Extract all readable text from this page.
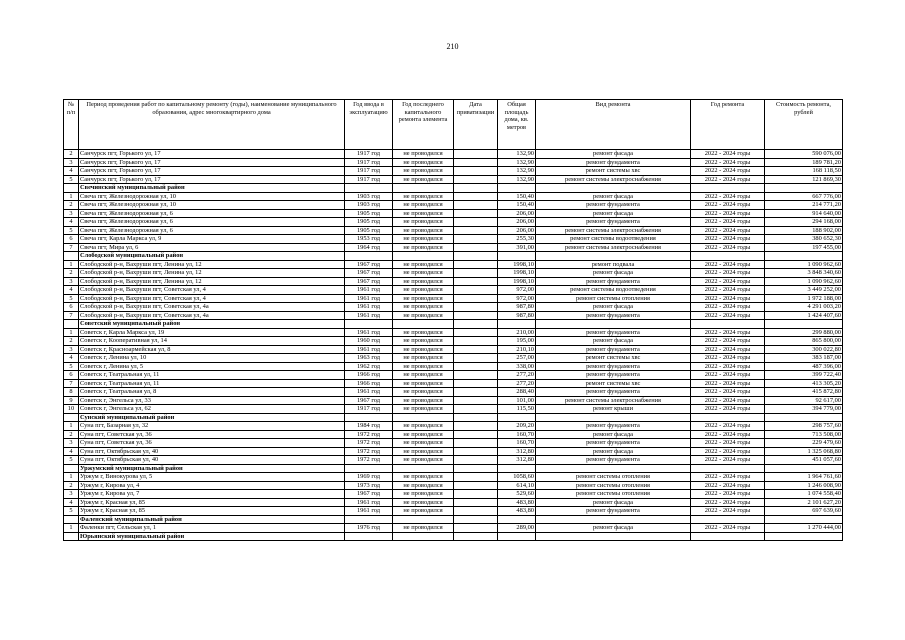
210
№ п/п	Период проведения работ по капитальному ремонту (годы), наименование муниципального образования, адрес многоквартирного дома	Год ввода в эксплуатацию	Год последнего капитального ремонта элемента	Дата приватизации	Общая площадь дома, кв. метров	Вид ремонта	Год ремонта	Стоимость ремонта, рублей
2	Санчурск пгт, Горького ул, 17	1917 год	не проводился		132,90	ремонт фасада	2022 - 2024 годы	590 076,00
3	Санчурск пгт, Горького ул, 17	1917 год	не проводился		132,90	ремонт фундамента	2022 - 2024 годы	189 781,20
4	Санчурск пгт, Горького ул, 17	1917 год	не проводился		132,90	ремонт системы хвс	2022 - 2024 годы	168 118,50
5	Санчурск пгт, Горького ул, 17	1917 год	не проводился		132,90	ремонт системы электроснабжения	2022 - 2024 годы	121 869,30
	Свечинский муниципальный район							
1	Свеча пгт, Железнодорожная ул, 10	1903 год	не проводился		150,40	ремонт фасада	2022 - 2024 годы	667 776,00
2	Свеча пгт, Железнодорожная ул, 10	1903 год	не проводился		150,40	ремонт фундамента	2022 - 2024 годы	214 771,20
3	Свеча пгт, Железнодорожная ул, 6	1905 год	не проводился		206,00	ремонт фасада	2022 - 2024 годы	914 640,00
4	Свеча пгт, Железнодорожная ул, 6	1905 год	не проводился		206,00	ремонт фундамента	2022 - 2024 годы	294 168,00
5	Свеча пгт, Железнодорожная ул, 6	1905 год	не проводился		206,00	ремонт системы электроснабжения	2022 - 2024 годы	188 902,00
6	Свеча пгт, Карла Маркса ул, 9	1953 год	не проводился		255,30	ремонт системы водоотведения	2022 - 2024 годы	380 652,30
7	Свеча пгт, Мира ул, 6	1964 год	не проводился		391,00	ремонт системы электроснабжения	2022 - 2024 годы	197 455,00
	Слободской муниципальный район							
1	Слободской р-н, Вахруши пгт, Ленина ул, 12	1967 год	не проводился		1998,10	ремонт подвала	2022 - 2024 годы	1 090 962,60
2	Слободской р-н, Вахруши пгт, Ленина ул, 12	1967 год	не проводился		1998,10	ремонт фасада	2022 - 2024 годы	3 848 340,60
3	Слободской р-н, Вахруши пгт, Ленина ул, 12	1967 год	не проводился		1998,10	ремонт фундамента	2022 - 2024 годы	1 090 962,60
4	Слободской р-н, Вахруши пгт, Советская ул, 4	1961 год	не проводился		972,00	ремонт системы водоотведения	2022 - 2024 годы	3 449 252,00
5	Слободской р-н, Вахруши пгт, Советская ул, 4	1961 год	не проводился		972,00	ремонт системы отопления	2022 - 2024 годы	1 972 188,00
6	Слободской р-н, Вахруши пгт, Советская ул, 4а	1961 год	не проводился		987,80	ремонт фасада	2022 - 2024 годы	4 291 003,20
7	Слободской р-н, Вахруши пгт, Советская ул, 4а	1961 год	не проводился		987,80	ремонт фундамента	2022 - 2024 годы	1 424 407,60
	Советский муниципальный район							
1	Советск г, Карла Маркса ул, 19	1961 год	не проводился		210,00	ремонт фундамента	2022 - 2024 годы	299 880,00
2	Советск г, Кооперативная ул, 14	1960 год	не проводился		195,00	ремонт фасада	2022 - 2024 годы	865 800,00
3	Советск г, Красноармейская ул, 8	1961 год	не проводился		210,10	ремонт фундамента	2022 - 2024 годы	300 022,80
4	Советск г, Ленина ул, 10	1963 год	не проводился		257,00	ремонт системы хвс	2022 - 2024 годы	383 187,00
5	Советск г, Ленина ул, 5	1962 год	не проводился		338,00	ремонт фундамента	2022 - 2024 годы	487 396,00
6	Советск г, Театральная ул, 11	1966 год	не проводился		277,20	ремонт фундамента	2022 - 2024 годы	399 722,40
7	Советск г, Театральная ул, 11	1966 год	не проводился		277,20	ремонт системы хвс	2022 - 2024 годы	413 305,20
8	Советск г, Театральная ул, 8	1961 год	не проводился		288,40	ремонт фундамента	2022 - 2024 годы	415 872,80
9	Советск г, Энгельса ул, 33	1967 год	не проводился		101,00	ремонт системы электроснабжения	2022 - 2024 годы	92 617,00
10	Советск г, Энгельса ул, 62	1917 год	не проводился		115,50	ремонт крыши	2022 - 2024 годы	394 779,00
	Сунский муниципальный район							
1	Суна пгт, Базарная ул, 32	1984 год	не проводился		209,20	ремонт фундамента	2022 - 2024 годы	298 757,60
2	Суна пгт, Советская ул, 36	1972 год	не проводился		160,70	ремонт фасада	2022 - 2024 годы	713 508,00
3	Суна пгт, Советская ул, 36	1972 год	не проводился		160,70	ремонт фундамента	2022 - 2024 годы	229 479,60
4	Суна пгт, Октябрьская ул, 40	1972 год	не проводился		312,80	ремонт фасада	2022 - 2024 годы	1 325 068,80
5	Суна пгт, Октябрьская ул, 40	1972 год	не проводился		312,80	ремонт фундамента	2022 - 2024 годы	451 057,60
	Уржумский муниципальный район							
1	Уржум г, Винокурова ул, 5	1969 год	не проводился		1058,60	ремонт системы отопления	2022 - 2024 годы	1 964 761,60
2	Уржум г, Кирова ул, 4	1973 год	не проводился		614,10	ремонт системы отопления	2022 - 2024 годы	1 246 008,90
3	Уржум г, Кирова ул, 7	1967 год	не проводился		529,60	ремонт системы отопления	2022 - 2024 годы	1 074 558,40
4	Уржум г, Красная ул, 85	1961 год	не проводился		483,80	ремонт фасада	2022 - 2024 годы	2 101 627,20
5	Уржум г, Красная ул, 85	1961 год	не проводился		483,80	ремонт фундамента	2022 - 2024 годы	697 639,60
	Фаленский муниципальный район							
1	Фаленки пгт, Сельская ул, 1	1976 год	не проводился		289,00	ремонт фасада	2022 - 2024 годы	1 270 444,00
	Юрьянский муниципальный район							
